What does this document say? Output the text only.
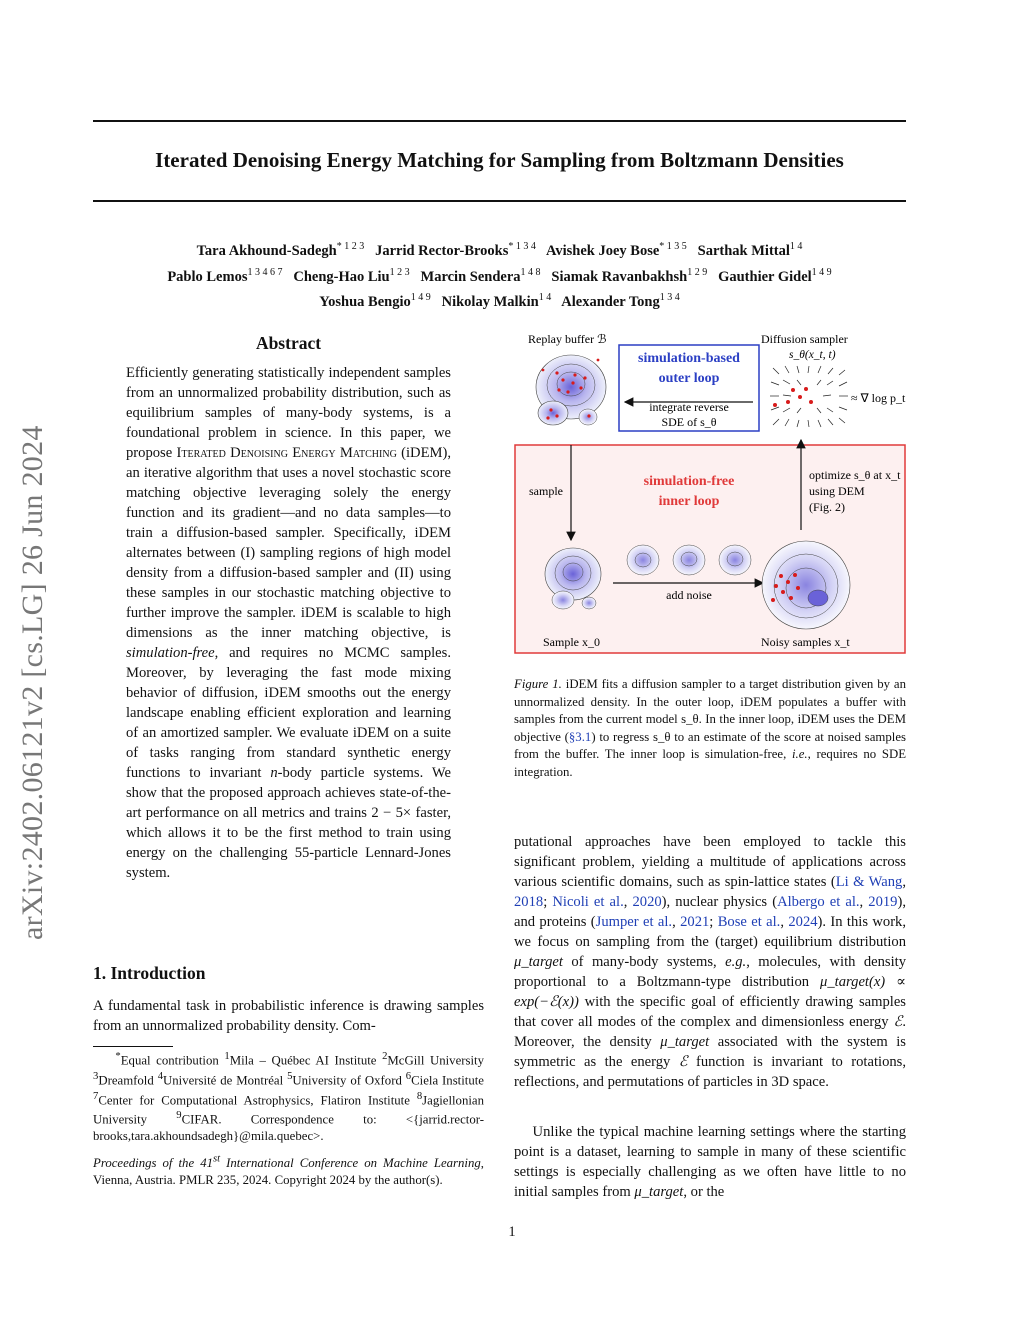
arXiv:2402.06121v2 [cs.LG] 26 Jun 2024
Iterated Denoising Energy Matching for Sampling from Boltzmann Densities
Tara Akhound-Sadegh$^{* 1 2 3}$ Jarrid Rector-Brooks$^{* 1 3 4}$ Avishek Joey Bose$^{* 1 3 5}$ Sarthak Mittal$^{1 4}$
Pablo Lemos$^{1 3 4 6 7}$ Cheng-Hao Liu$^{1 2 3}$ Marcin Sendera$^{1 4 8}$ Siamak Ravanbakhsh$^{1 2 9}$ Gauthier Gidel$^{1 4 9}$
Yoshua Bengio$^{1 4 9}$ Nikolay Malkin$^{1 4}$ Alexander Tong$^{1 3 4}$
Abstract
Efficiently generating statistically independent samples from an unnormalized probability distribution, such as equilibrium samples of many-body systems, is a foundational problem in science. In this paper, we propose Iterated Denoising Energy Matching (iDEM), an iterative algorithm that uses a novel stochastic score matching objective leveraging solely the energy function and its gradient—and no data samples—to train a diffusion-based sampler. Specifically, iDEM alternates between (I) sampling regions of high model density from a diffusion-based sampler and (II) using these samples in our stochastic matching objective to further improve the sampler. iDEM is scalable to high dimensions as the inner matching objective, is simulation-free, and requires no MCMC samples. Moreover, by leveraging the fast mode mixing behavior of diffusion, iDEM smooths out the energy landscape enabling efficient exploration and learning of an amortized sampler. We evaluate iDEM on a suite of tasks ranging from standard synthetic energy functions to invariant n-body particle systems. We show that the proposed approach achieves state-of-the-art performance on all metrics and trains 2 − 5× faster, which allows it to be the first method to train using energy on the challenging 55-particle Lennard-Jones system.
1. Introduction
A fundamental task in probabilistic inference is drawing samples from an unnormalized probability density. Com-
*Equal contribution $^1$Mila – Québec AI Institute $^2$McGill University $^3$Dreamfold $^4$Université de Montréal $^5$University of Oxford $^6$Ciela Institute $^7$Center for Computational Astrophysics, Flatiron Institute $^8$Jagiellonian University	$^9$CIFAR. Correspondence to: <{jarrid.rector-brooks,tara.akhoundsadegh}@mila.quebec>.
Proceedings of the 41st International Conference on Machine Learning, Vienna, Austria. PMLR 235, 2024. Copyright 2024 by the author(s).
Replay buffer ℬ	Diffusion sampler
s_θ(x_t, t)
simulation-based
outer loop
integrate reverse
SDE of s_θ
≈ ∇ log p_t
sample
simulation-free
inner loop
optimize s_θ at x_t
using DEM
(Fig. 2)
add noise
Sample x_0	Noisy samples x_t
Figure 1. iDEM fits a diffusion sampler to a target distribution given by an unnormalized density. In the outer loop, iDEM populates a buffer with samples from the current model s_θ. In the inner loop, iDEM uses the DEM objective (§3.1) to regress s_θ to an estimate of the score at noised samples from the buffer. The inner loop is simulation-free, i.e., requires no SDE integration.
putational approaches have been employed to tackle this significant problem, yielding a multitude of applications across various scientific domains, such as spin-lattice states (Li & Wang, 2018; Nicoli et al., 2020), nuclear physics (Albergo et al., 2019), and proteins (Jumper et al., 2021; Bose et al., 2024). In this work, we focus on sampling from the (target) equilibrium distribution μ_target of many-body systems, e.g., molecules, with density proportional to a Boltzmann-type distribution μ_target(x) ∝ exp(−ℰ(x)) with the specific goal of efficiently drawing samples that cover all modes of the complex and dimensionless energy ℰ. Moreover, the density μ_target associated with the system is symmetric as the energy ℰ function is invariant to rotations, reflections, and permutations of particles in 3D space.
Unlike the typical machine learning settings where the starting point is a dataset, learning to sample in many of these scientific settings is especially challenging as we often have little to no initial samples from μ_target, or the
1
